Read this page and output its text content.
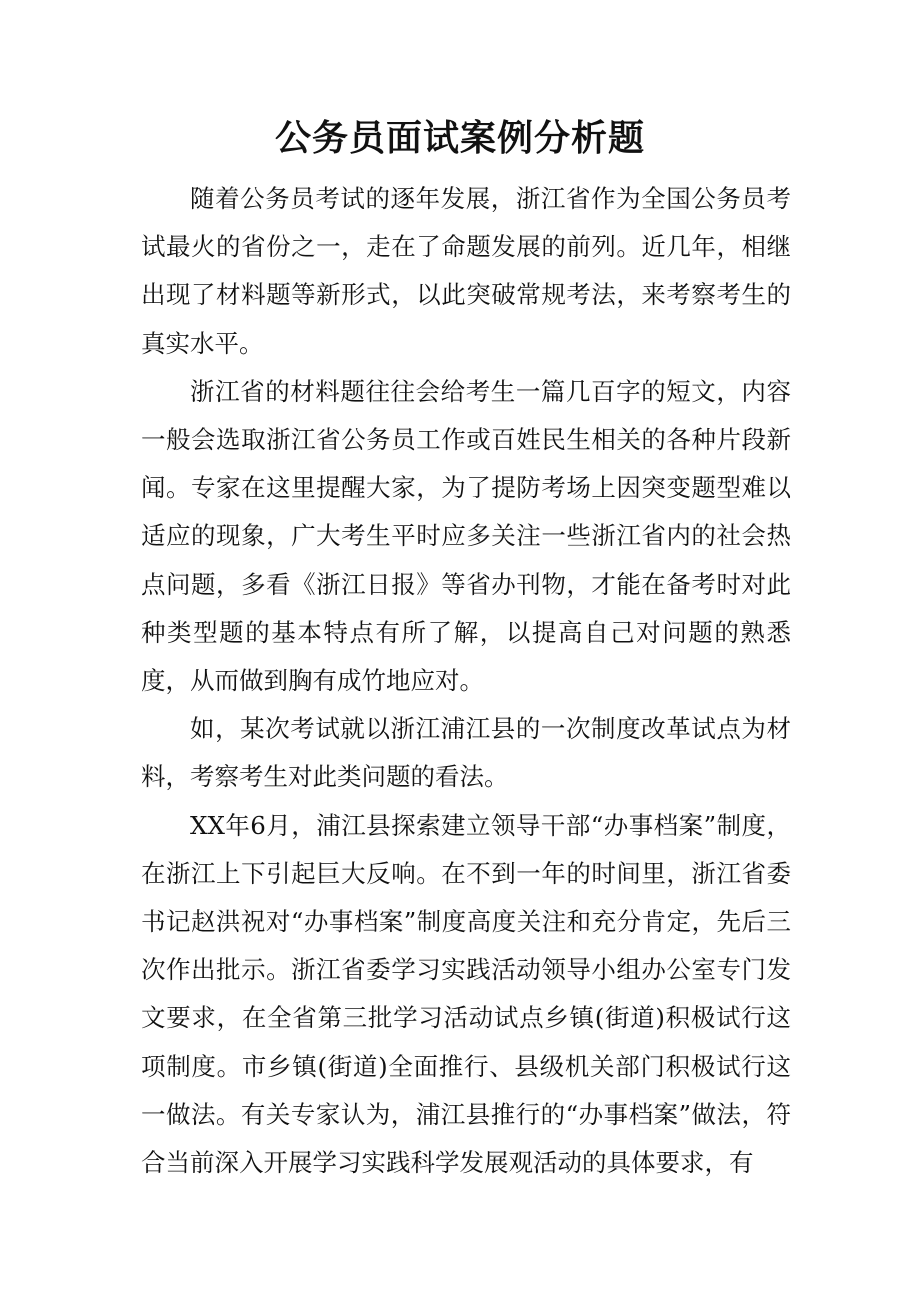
公务员面试案例分析题

随着公务员考试的逐年发展，浙江省作为全国公务员考试最火的省份之一，走在了命题发展的前列。近几年，相继出现了材料题等新形式，以此突破常规考法，来考察考生的真实水平。

浙江省的材料题往往会给考生一篇几百字的短文，内容一般会选取浙江省公务员工作或百姓民生相关的各种片段新闻。专家在这里提醒大家，为了提防考场上因突变题型难以适应的现象，广大考生平时应多关注一些浙江省内的社会热点问题，多看《浙江日报》等省办刊物，才能在备考时对此种类型题的基本特点有所了解，以提高自己对问题的熟悉度，从而做到胸有成竹地应对。

如，某次考试就以浙江浦江县的一次制度改革试点为材料，考察考生对此类问题的看法。

XX年6月，浦江县探索建立领导干部“办事档案”制度，在浙江上下引起巨大反响。在不到一年的时间里，浙江省委书记赵洪祝对“办事档案”制度高度关注和充分肯定，先后三次作出批示。浙江省委学习实践活动领导小组办公室专门发文要求，在全省第三批学习活动试点乡镇(街道)积极试行这项制度。市乡镇(街道)全面推行、县级机关部门积极试行这一做法。有关专家认为，浦江县推行的“办事档案”做法，符合当前深入开展学习实践科学发展观活动的具体要求，有
